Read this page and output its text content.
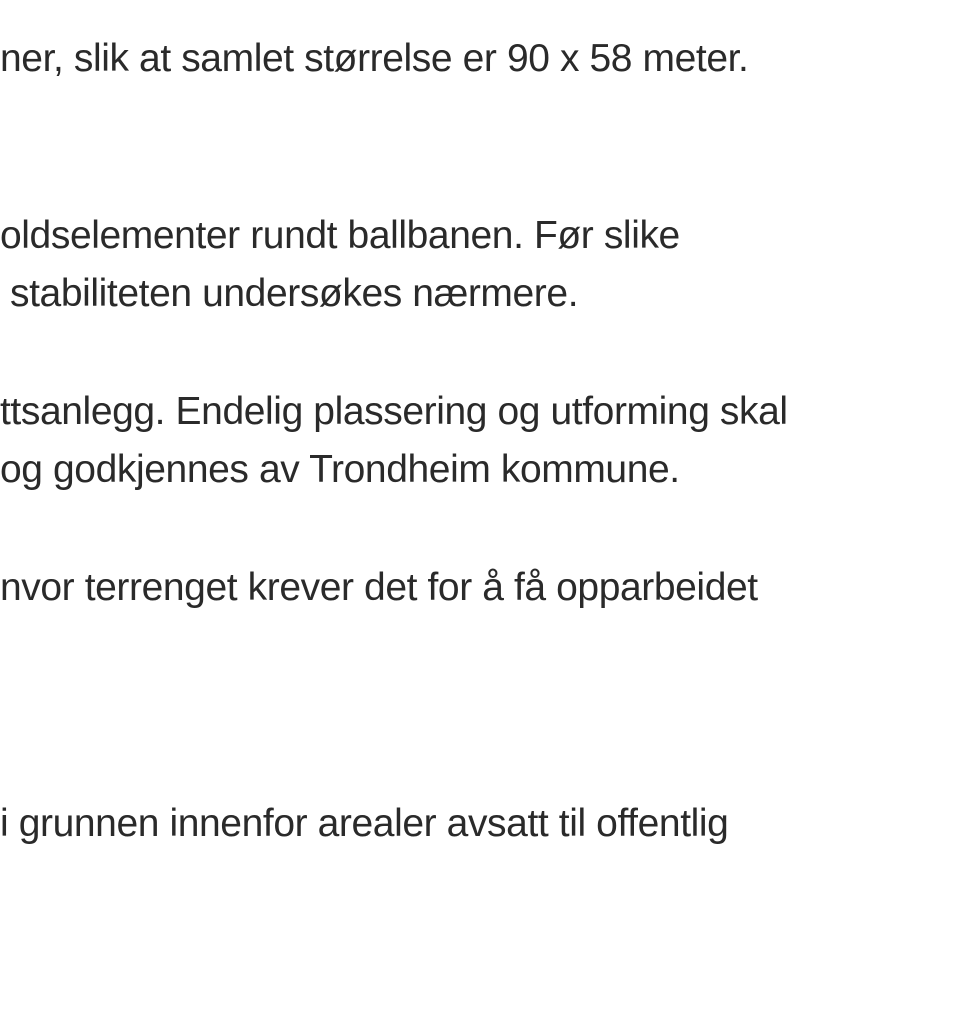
ner, slik at samlet størrelse er 90 x 58 meter.
oldselementer rundt ballbanen. Før slike
stabiliteten undersøkes nærmere.
ttsanlegg. Endelig plassering og utforming skal
og godkjennes av Trondheim kommune.
nvor terrenget krever det for å få opparbeidet
i grunnen innenfor arealer avsatt til offentlig
